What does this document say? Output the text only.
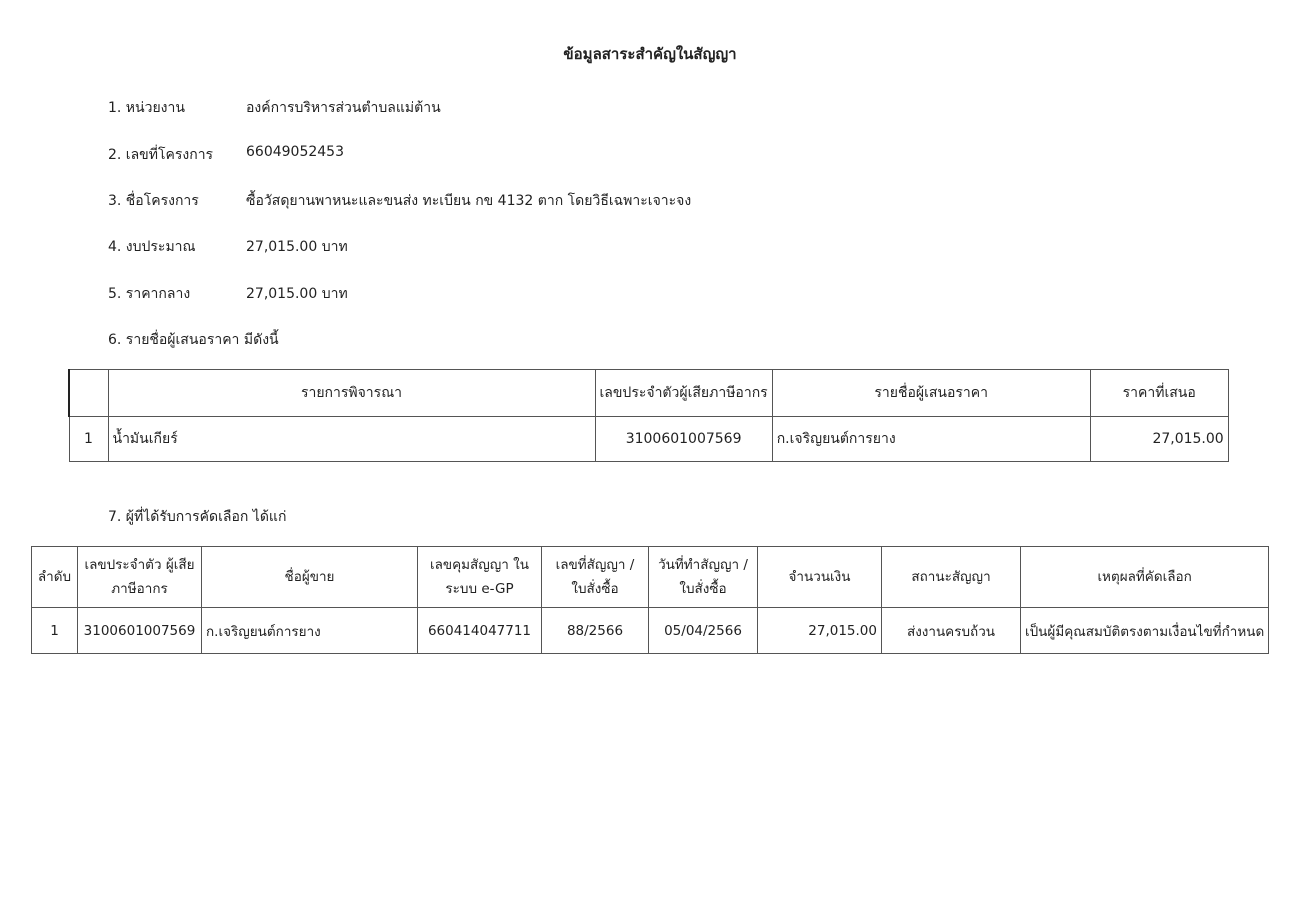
ข้อมูลสาระสำคัญในสัญญา
1. หน่วยงาน	องค์การบริหารส่วนตำบลแม่ต้าน
2. เลขที่โครงการ 66049052453
3. ชื่อโครงการ	ซื้อวัสดุยานพาหนะและขนส่ง ทะเบียน กข 4132 ตาก โดยวิธีเฉพาะเจาะจง
4. งบประมาณ	27,015.00 บาท
5. ราคากลาง	27,015.00 บาท
6. รายชื่อผู้เสนอราคา มีดังนี้
	รายการพิจารณา	เลขประจำตัวผู้เสียภาษีอากร	รายชื่อผู้เสนอราคา	ราคาที่เสนอ
1	น้ำมันเกียร์	3100601007569	ก.เจริญยนต์การยาง	27,015.00
7. ผู้ที่ได้รับการคัดเลือก ได้แก่
ลำดับ	เลขประจำตัว ผู้เสียภาษีอากร	ชื่อผู้ขาย	เลขคุมสัญญา ในระบบ e-GP	เลขที่สัญญา / ใบสั่งซื้อ	วันที่ทำสัญญา / ใบสั่งซื้อ	จำนวนเงิน	สถานะสัญญา	เหตุผลที่คัดเลือก
1	3100601007569	ก.เจริญยนต์การยาง	660414047711	88/2566	05/04/2566	27,015.00	ส่งงานครบถ้วน	เป็นผู้มีคุณสมบัติตรงตามเงื่อนไขที่กำหนด
